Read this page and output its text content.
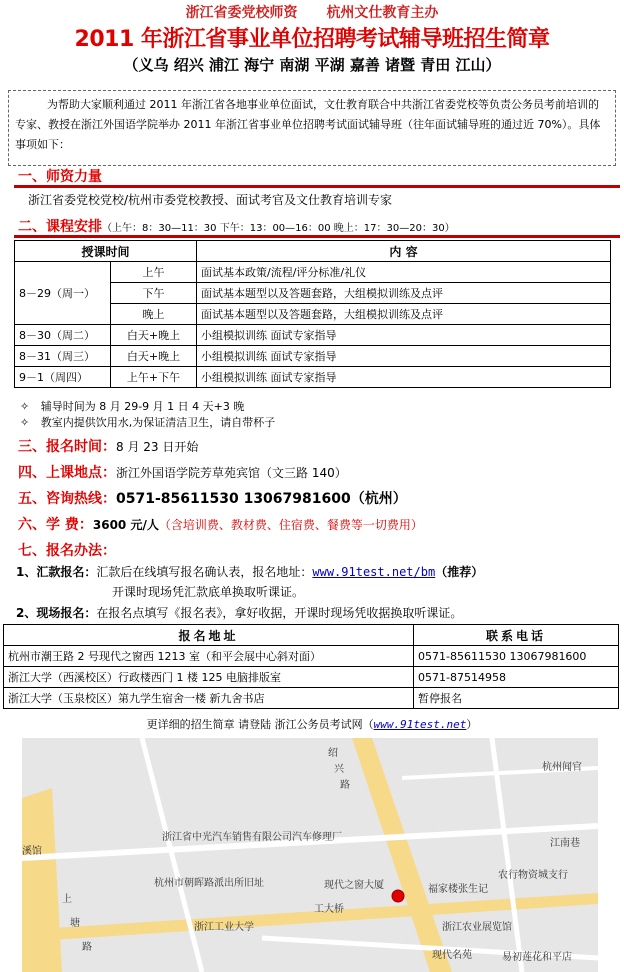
浙江省委党校师资 杭州文仕教育主办
2011 年浙江省事业单位招聘考试辅导班招生简章
（义乌 绍兴 浦江 海宁 南湖 平湖 嘉善 诸暨 青田 江山）
为帮助大家顺利通过 2011 年浙江省各地事业单位面试，文仕教育联合中共浙江省委党校等负责公务员考前培训的专家、教授在浙江外国语学院举办 2011 年浙江省事业单位招聘考试面试辅导班（往年面试辅导班的通过近 70%）。具体事项如下：
一、师资力量
浙江省委党校党校/杭州市委党校教授、面试考官及文仕教育培训专家
二、课程安排（上午：8：30—11：30 下午：13：00—16：00 晚上：17：30—20：30）
授课时间		内 容
8－29（周一）	上午	面试基本政策/流程/评分标准/礼仪
	下午	面试基本题型以及答题套路，大组模拟训练及点评
	晚上	面试基本题型以及答题套路，大组模拟训练及点评
8－30（周二）	白天+晚上	小组模拟训练 面试专家指导
8－31（周三）	白天+晚上	小组模拟训练 面试专家指导
9－1（周四）	上午+下午	小组模拟训练 面试专家指导
✧ 辅导时间为 8 月 29-9 月 1 日 4 天+3 晚
✧ 教室内提供饮用水,为保证清洁卫生，请自带杯子
三、报名时间：8 月 23 日开始
四、上课地点：浙江外国语学院芳草苑宾馆（文三路 140）
五、咨询热线：0571-85611530 13067981600（杭州）
六、学 费：3600 元/人（含培训费、教材费、住宿费、餐费等一切费用）
七、报名办法：
1、汇款报名：汇款后在线填写报名确认表，报名地址：www.91test.net/bm（推荐）
开课时现场凭汇款底单换取听课证。
2、现场报名：在报名点填写《报名表》，拿好收据，开课时现场凭收据换取听课证。
报名地址	联系电话
杭州市潮王路 2 号现代之窗西 1213 室（和平会展中心斜对面）	0571-85611530 13067981600
浙江大学（西溪校区）行政楼西门 1 楼 125 电脑排版室	0571-87514958
浙江大学（玉泉校区）第九学生宿舍一楼 新九舍书店	暂停报名
更详细的招生简章 请登陆 浙江公务员考试网（www.91test.net）
绍
兴
路
杭州闻官
浙江省中光汽车销售有限公司汽车修理厂
江南巷
溪馆
杭州市朝晖路派出所旧址	现代之窗大厦	福家楼张生记
农行物资城支行
工大桥
上
塘
路
浙江工业大学	浙江农业展览馆
现代名苑	易初莲花和平店
